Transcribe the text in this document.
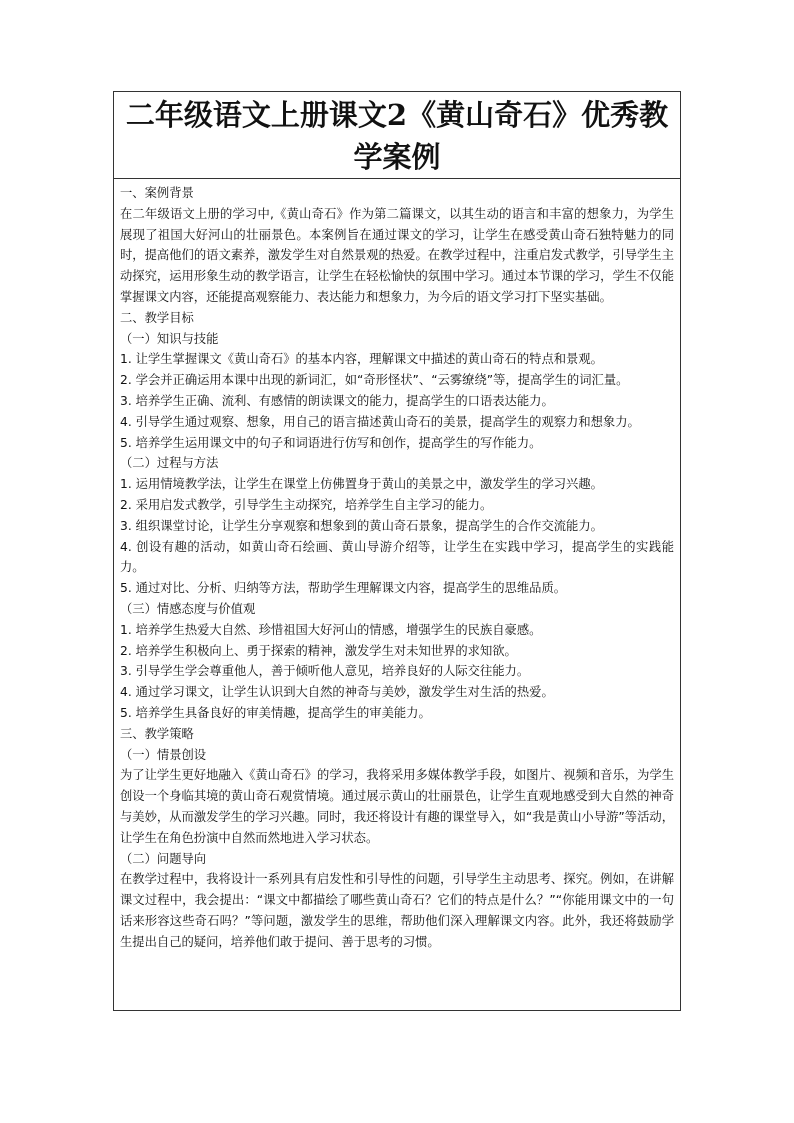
二年级语文上册课文2《黄山奇石》优秀教学案例

一、案例背景

在二年级语文上册的学习中,《黄山奇石》作为第二篇课文，以其生动的语言和丰富的想象力，为学生展现了祖国大好河山的壮丽景色。本案例旨在通过课文的学习，让学生在感受黄山奇石独特魅力的同时，提高他们的语文素养，激发学生对自然景观的热爱。在教学过程中，注重启发式教学，引导学生主动探究，运用形象生动的教学语言，让学生在轻松愉快的氛围中学习。通过本节课的学习，学生不仅能掌握课文内容，还能提高观察能力、表达能力和想象力，为今后的语文学习打下坚实基础。

二、教学目标

（一）知识与技能

1. 让学生掌握课文《黄山奇石》的基本内容，理解课文中描述的黄山奇石的特点和景观。

2. 学会并正确运用本课中出现的新词汇，如“奇形怪状”、“云雾缭绕”等，提高学生的词汇量。

3. 培养学生正确、流利、有感情的朗读课文的能力，提高学生的口语表达能力。

4. 引导学生通过观察、想象，用自己的语言描述黄山奇石的美景，提高学生的观察力和想象力。

5. 培养学生运用课文中的句子和词语进行仿写和创作，提高学生的写作能力。

（二）过程与方法

1. 运用情境教学法，让学生在课堂上仿佛置身于黄山的美景之中，激发学生的学习兴趣。

2. 采用启发式教学，引导学生主动探究，培养学生自主学习的能力。

3. 组织课堂讨论，让学生分享观察和想象到的黄山奇石景象，提高学生的合作交流能力。

4. 创设有趣的活动，如黄山奇石绘画、黄山导游介绍等，让学生在实践中学习，提高学生的实践能力。

5. 通过对比、分析、归纳等方法，帮助学生理解课文内容，提高学生的思维品质。

（三）情感态度与价值观

1. 培养学生热爱大自然、珍惜祖国大好河山的情感，增强学生的民族自豪感。

2. 培养学生积极向上、勇于探索的精神，激发学生对未知世界的求知欲。

3. 引导学生学会尊重他人，善于倾听他人意见，培养良好的人际交往能力。

4. 通过学习课文，让学生认识到大自然的神奇与美妙，激发学生对生活的热爱。

5. 培养学生具备良好的审美情趣，提高学生的审美能力。

三、教学策略

（一）情景创设

为了让学生更好地融入《黄山奇石》的学习，我将采用多媒体教学手段，如图片、视频和音乐，为学生创设一个身临其境的黄山奇石观赏情境。通过展示黄山的壮丽景色，让学生直观地感受到大自然的神奇与美妙，从而激发学生的学习兴趣。同时，我还将设计有趣的课堂导入，如“我是黄山小导游”等活动，让学生在角色扮演中自然而然地进入学习状态。

（二）问题导向

在教学过程中，我将设计一系列具有启发性和引导性的问题，引导学生主动思考、探究。例如，在讲解课文过程中，我会提出：“课文中都描绘了哪些黄山奇石？它们的特点是什么？”“你能用课文中的一句话来形容这些奇石吗？”等问题，激发学生的思维，帮助他们深入理解课文内容。此外，我还将鼓励学生提出自己的疑问，培养他们敢于提问、善于思考的习惯。
